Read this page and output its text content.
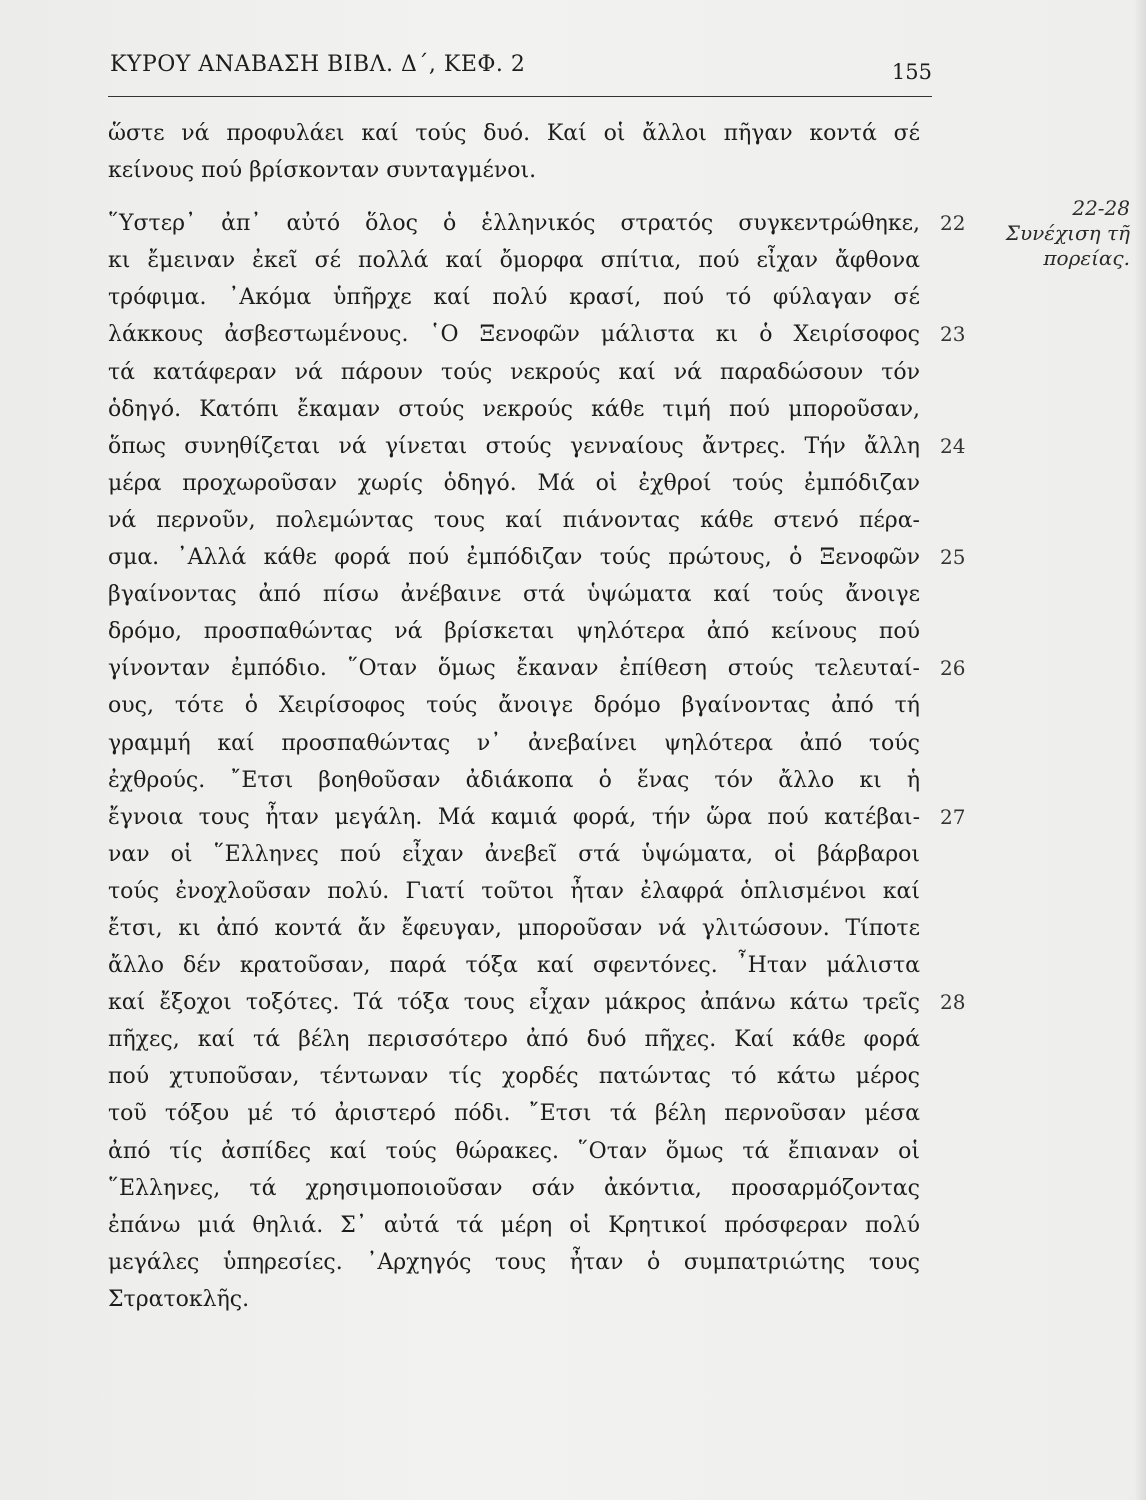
ΚΥΡΟΥ ΑΝΑΒΑΣΗ ΒΙΒΛ. Δ΄, ΚΕΦ. 2	155
22-28
Συνέχιση τῆ
πορείας.
ὥστε νά προφυλάει καί τούς δυό. Καί οἱ ἄλλοι πῆγαν κοντά σέ
κείνους πού βρίσκονταν συνταγμένοι.
῞Υστερ᾽ ἀπ᾽ αὐτό ὅλος ὁ ἑλληνικός στρατός συγκεντρώθηκε, 22
κι ἔμειναν ἐκεῖ σέ πολλά καί ὄμορφα σπίτια, πού εἶχαν ἄφθονα
τρόφιμα. ᾿Ακόμα ὑπῆρχε καί πολύ κρασί, πού τό φύλαγαν σέ
λάκκους ἀσβεστωμένους. ῾Ο Ξενοφῶν μάλιστα κι ὁ Χειρίσοφος 23
τά κατάφεραν νά πάρουν τούς νεκρούς καί νά παραδώσουν τόν
ὁδηγό. Κατόπι ἔκαμαν στούς νεκρούς κάθε τιμή πού μποροῦσαν,
ὅπως συνηθίζεται νά γίνεται στούς γενναίους ἄντρες. Τήν ἄλλη 24
μέρα προχωροῦσαν χωρίς ὁδηγό. Μά οἱ ἐχθροί τούς ἐμπόδιζαν
νά περνοῦν, πολεμώντας τους καί πιάνοντας κάθε στενό πέρα-
σμα. ᾿Αλλά κάθε φορά πού ἐμπόδιζαν τούς πρώτους, ὁ Ξενοφῶν 25
βγαίνοντας ἀπό πίσω ἀνέβαινε στά ὑψώματα καί τούς ἄνοιγε
δρόμο, προσπαθώντας νά βρίσκεται ψηλότερα ἀπό κείνους πού
γίνονταν ἐμπόδιο. ῞Οταν ὅμως ἔκαναν ἐπίθεση στούς τελευταί- 26
ους, τότε ὁ Χειρίσοφος τούς ἄνοιγε δρόμο βγαίνοντας ἀπό τή
γραμμή καί προσπαθώντας ν᾽ ἀνεβαίνει ψηλότερα ἀπό τούς
ἐχθρούς. ῎Ετσι βοηθοῦσαν ἀδιάκοπα ὁ ἕνας τόν ἄλλο κι ἡ
ἔγνοια τους ἦταν μεγάλη. Μά καμιά φορά, τήν ὥρα πού κατέβαι- 27
ναν οἱ ῞Ελληνες πού εἶχαν ἀνεβεῖ στά ὑψώματα, οἱ βάρβαροι
τούς ἐνοχλοῦσαν πολύ. Γιατί τοῦτοι ἦταν ἐλαφρά ὁπλισμένοι καί
ἔτσι, κι ἀπό κοντά ἄν ἔφευγαν, μποροῦσαν νά γλιτώσουν. Τίποτε
ἄλλο δέν κρατοῦσαν, παρά τόξα καί σφεντόνες. ῏Ηταν μάλιστα
καί ἔξοχοι τοξότες. Τά τόξα τους εἶχαν μάκρος ἀπάνω κάτω τρεῖς 28
πῆχες, καί τά βέλη περισσότερο ἀπό δυό πῆχες. Καί κάθε φορά
πού χτυποῦσαν, τέντωναν τίς χορδές πατώντας τό κάτω μέρος
τοῦ τόξου μέ τό ἀριστερό πόδι. ῎Ετσι τά βέλη περνοῦσαν μέσα
ἀπό τίς ἀσπίδες καί τούς θώρακες. ῞Οταν ὅμως τά ἔπιαναν οἱ
῞Ελληνες, τά χρησιμοποιοῦσαν σάν ἀκόντια, προσαρμόζοντας
ἐπάνω μιά θηλιά. Σ᾽ αὐτά τά μέρη οἱ Κρητικοί πρόσφεραν πολύ
μεγάλες ὑπηρεσίες. ᾿Αρχηγός τους ἦταν ὁ συμπατριώτης τους
Στρατοκλῆς.
